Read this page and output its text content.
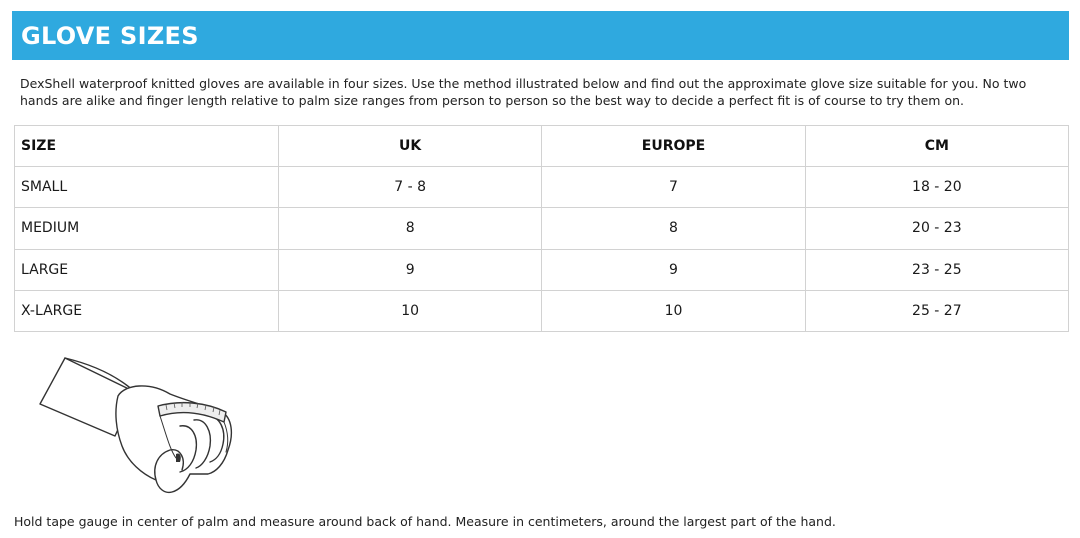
GLOVE SIZES
DexShell waterproof knitted gloves are available in four sizes. Use the method illustrated below and find out the approximate glove size suitable for you. No two hands are alike and finger length relative to palm size ranges from person to person so the best way to decide a perfect fit is of course to try them on.
SIZE	UK	EUROPE	CM
SMALL	7 - 8	7	18 - 20
MEDIUM	8	8	20 - 23
LARGE	9	9	23 - 25
X-LARGE	10	10	25 - 27
Hold tape gauge in center of palm and measure around back of hand. Measure in centimeters, around the largest part of the hand.
